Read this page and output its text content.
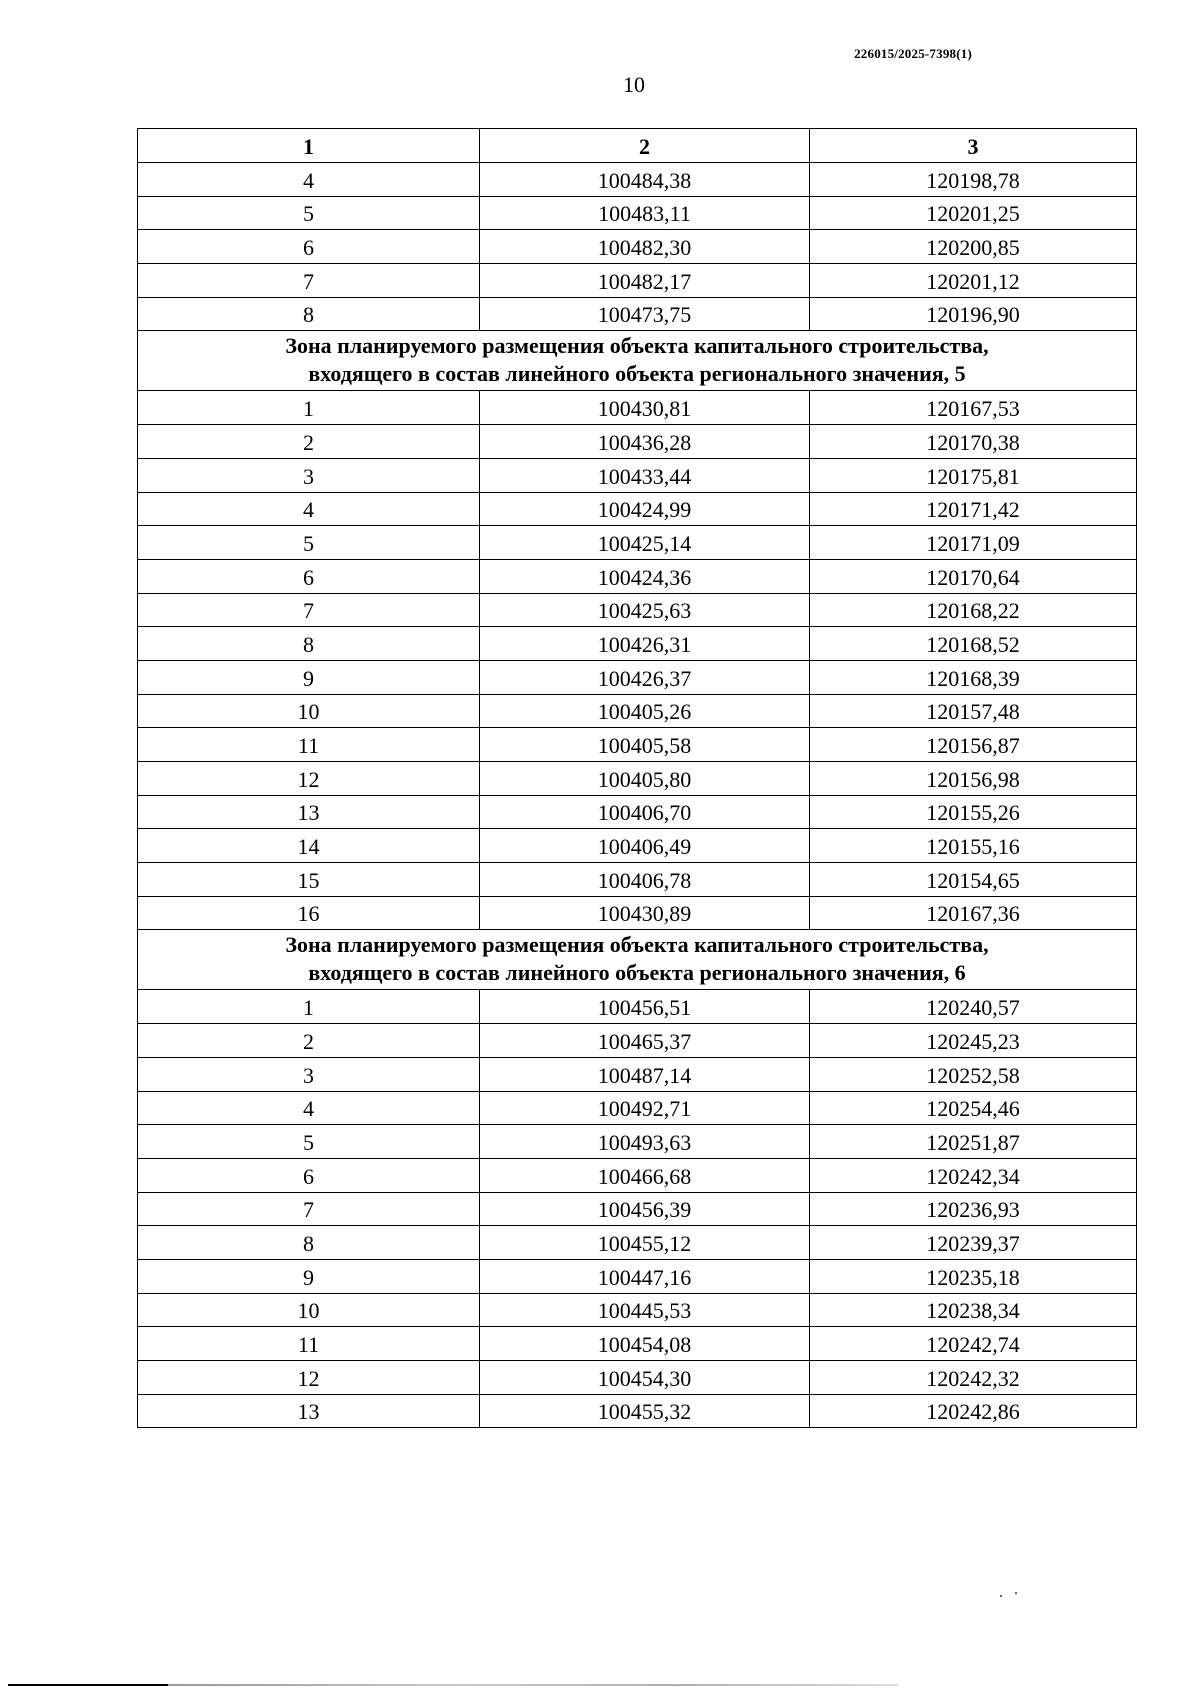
226015/2025-7398(1)
10
1	2	3
4	100484,38	120198,78
5	100483,11	120201,25
6	100482,30	120200,85
7	100482,17	120201,12
8	100473,75	120196,90

Зона планируемого размещения объекта капитального строительства,
входящего в состав линейного объекта регионального значения, 5		

1	100430,81	120167,53
2	100436,28	120170,38
3	100433,44	120175,81
4	100424,99	120171,42
5	100425,14	120171,09
6	100424,36	120170,64
7	100425,63	120168,22
8	100426,31	120168,52
9	100426,37	120168,39
10	100405,26	120157,48
11	100405,58	120156,87
12	100405,80	120156,98
13	100406,70	120155,26
14	100406,49	120155,16
15	100406,78	120154,65
16	100430,89	120167,36

Зона планируемого размещения объекта капитального строительства,
входящего в состав линейного объекта регионального значения, 6		

1	100456,51	120240,57
2	100465,37	120245,23
3	100487,14	120252,58
4	100492,71	120254,46
5	100493,63	120251,87
6	100466,68	120242,34
7	100456,39	120236,93
8	100455,12	120239,37
9	100447,16	120235,18
10	100445,53	120238,34
11	100454,08	120242,74
12	100454,30	120242,32
13	100455,32	120242,86
